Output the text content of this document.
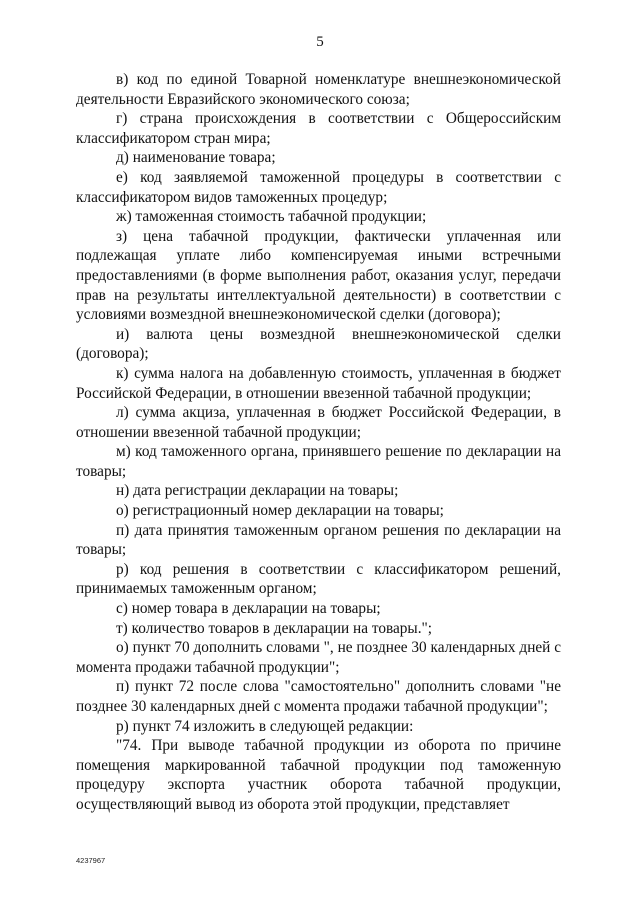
5

в) код по единой Товарной номенклатуре внешнеэкономической деятельности Евразийского экономического союза;

г) страна происхождения в соответствии с Общероссийским классификатором стран мира;

д) наименование товара;

е) код заявляемой таможенной процедуры в соответствии с классификатором видов таможенных процедур;

ж) таможенная стоимость табачной продукции;

з) цена табачной продукции, фактически уплаченная или подлежащая уплате либо компенсируемая иными встречными предоставлениями (в форме выполнения работ, оказания услуг, передачи прав на результаты интеллектуальной деятельности) в соответствии с условиями возмездной внешнеэкономической сделки (договора);

и) валюта цены возмездной внешнеэкономической сделки (договора);

к) сумма налога на добавленную стоимость, уплаченная в бюджет Российской Федерации, в отношении ввезенной табачной продукции;

л) сумма акциза, уплаченная в бюджет Российской Федерации, в отношении ввезенной табачной продукции;

м) код таможенного органа, принявшего решение по декларации на товары;

н) дата регистрации декларации на товары;

о) регистрационный номер декларации на товары;

п) дата принятия таможенным органом решения по декларации на товары;

р) код решения в соответствии с классификатором решений, принимаемых таможенным органом;

с) номер товара в декларации на товары;

т) количество товаров в декларации на товары.";

о) пункт 70 дополнить словами ", не позднее 30 календарных дней с момента продажи табачной продукции";

п) пункт 72 после слова "самостоятельно" дополнить словами "не позднее 30 календарных дней с момента продажи табачной продукции";

р) пункт 74 изложить в следующей редакции:

"74. При выводе табачной продукции из оборота по причине помещения маркированной табачной продукции под таможенную процедуру экспорта участник оборота табачной продукции, осуществляющий вывод из оборота этой продукции, представляет

4237967
